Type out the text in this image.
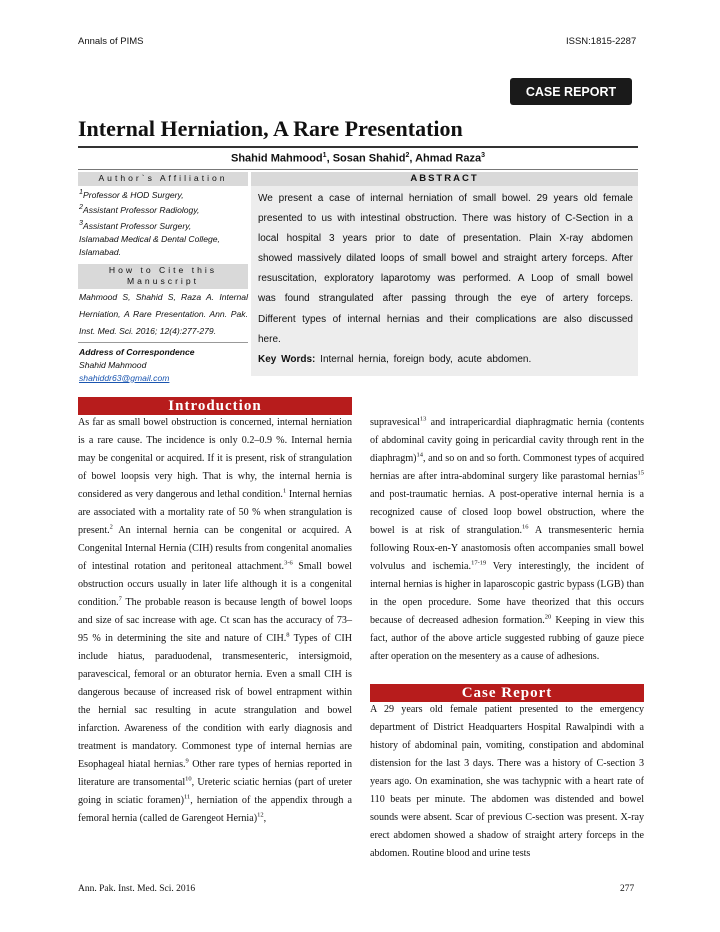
Annals of PIMS	ISSN:1815-2287
CASE REPORT
Internal Herniation, A Rare Presentation
Shahid Mahmood$^1$, Sosan Shahid$^2$, Ahmad Raza$^3$
Author`s Affiliation
$^1$Professor & HOD Surgery,
$^2$Assistant Professor Radiology,
$^3$Assistant Professor Surgery,
Islamabad Medical & Dental College, Islamabad.
How to Cite this Manuscript
Mahmood S, Shahid S, Raza A. Internal Herniation, A Rare Presentation. Ann. Pak. Inst. Med. Sci. 2016; 12(4):277-279.
Address of Correspondence
Shahid Mahmood
shahiddr63@gmail.com
ABSTRACT
We present a case of internal herniation of small bowel. 29 years old female presented to us with intestinal obstruction. There was history of C-Section in a local hospital 3 years prior to date of presentation. Plain X-ray abdomen showed massively dilated loops of small bowel and straight artery forceps. After resuscitation, exploratory laparotomy was performed. A Loop of small bowel was found strangulated after passing through the eye of artery forceps. Different types of internal hernias and their complications are also discussed here.
Key Words: Internal hernia, foreign body, acute abdomen.
Introduction

As far as small bowel obstruction is concerned, internal herniation is a rare cause. The incidence is only 0.2–0.9 %. Internal hernia may be congenital or acquired. If it is present, risk of strangulation of bowel loopsis very high. That is why, the internal hernia is considered as very dangerous and lethal condition.$^1$ Internal hernias are associated with a mortality rate of 50 % when strangulation is present.$^2$ An internal hernia can be congenital or acquired. A Congenital Internal Hernia (CIH) results from congenital anomalies of intestinal rotation and peritoneal attachment.$^{3-6}$ Small bowel obstruction occurs usually in later life although it is a congenital condition.$^7$ The probable reason is because length of bowel loops and size of sac increase with age. Ct scan has the accuracy of 73–95 % in determining the site and nature of CIH.$^8$ Types of CIH include hiatus, paraduodenal, transmesenteric, intersigmoid, paravescical, femoral or an obturator hernia. Even a small CIH is dangerous because of increased risk of bowel entrapment within the hernial sac resulting in acute strangulation and bowel infarction. Awareness of the condition with early diagnosis and treatment is mandatory. Commonest type of internal hernias are Esophageal hiatal hernias.$^9$ Other rare types of hernias reported in literature are transomental$^{10}$, Ureteric sciatic hernias (part of ureter going in sciatic foramen)$^{11}$, herniation of the appendix through a femoral hernia (called de Garengeot Hernia)$^{12}$,

supravesical$^{13}$ and intrapericardial diaphragmatic hernia (contents of abdominal cavity going in pericardial cavity through rent in the diaphragm)$^{14}$, and so on and so forth. Commonest types of acquired hernias are after intra-abdominal surgery like parastomal hernias$^{15}$ and post-traumatic hernias. A post-operative internal hernia is a recognized cause of closed loop bowel obstruction, where the bowel is at risk of strangulation.$^{16}$ A transmesenteric hernia following Roux-en-Y anastomosis often accompanies small bowel volvulus and ischemia.$^{17-19}$ Very interestingly, the incident of internal hernias is higher in laparoscopic gastric bypass (LGB) than in the open procedure. Some have theorized that this occurs because of decreased adhesion formation.$^{20}$ Keeping in view this fact, author of the above article suggested rubbing of gauze piece after operation on the mesentery as a cause of adhesions.

Case Report

A 29 years old female patient presented to the emergency department of District Headquarters Hospital Rawalpindi with a history of abdominal pain, vomiting, constipation and abdominal distension for the last 3 days. There was a history of C-section 3 years ago. On examination, she was tachypnic with a heart rate of 110 beats per minute. The abdomen was distended and bowel sounds were absent. Scar of previous C-section was present. X-ray erect abdomen showed a shadow of straight artery forceps in the abdomen. Routine blood and urine tests

Ann. Pak. Inst. Med. Sci. 2016	277
